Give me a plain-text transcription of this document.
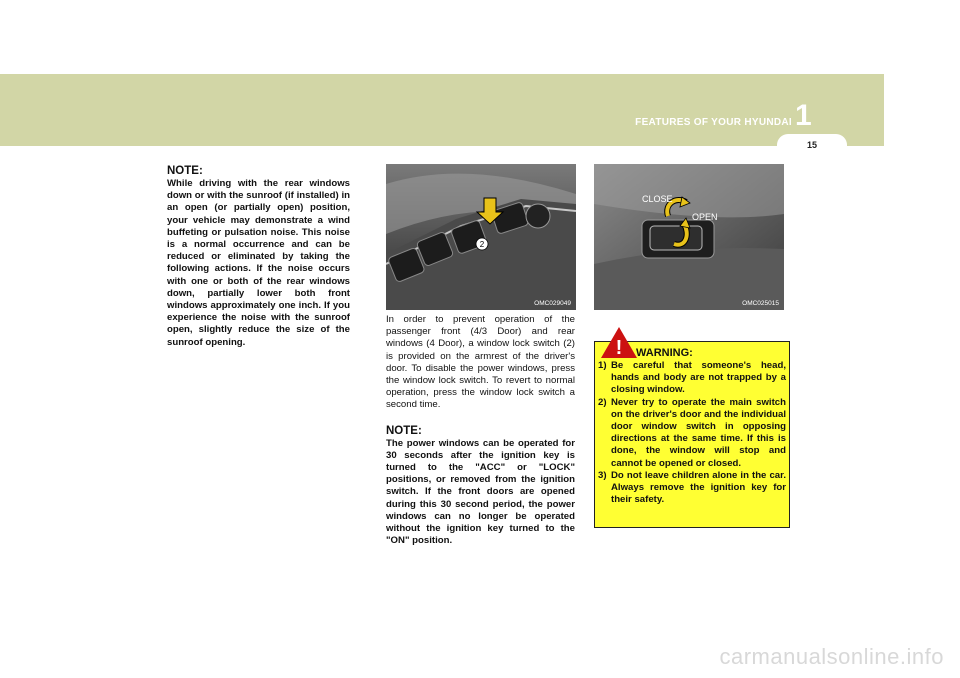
FEATURES OF YOUR HYUNDAI 1
15
NOTE:
While driving with the rear windows down or with the sunroof (if installed) in an open (or partially open) position, your vehicle may demonstrate a wind buffeting or pulsation noise. This noise is a normal occurrence and can be reduced or eliminated by taking the following actions. If the noise occurs with one or both of the rear windows down, partially lower both front windows approximately one inch. If you experience the noise with the sunroof open, slightly reduce the size of the sunroof opening.
2
OMC029049
CLOSE
OPEN
OMC025015
In order to prevent operation of the passenger front (4/3 Door) and rear windows (4 Door), a window lock switch (2) is provided on the armrest of the driver's door. To disable the power windows, press the window lock switch. To revert to normal operation, press the window lock switch a second time.
NOTE:
The power windows can be operated for 30 seconds after the ignition key is turned to the "ACC" or "LOCK" positions, or removed from the ignition switch. If the front doors are opened during this 30 second period, the power windows can no longer be operated without the ignition key turned to the "ON" position.
! WARNING:
1) Be careful that someone's head, hands and body are not trapped by a closing window.
2) Never try to operate the main switch on the driver's door and the individual door window switch in opposing directions at the same time. If this is done, the window will stop and cannot be opened or closed.
3) Do not leave children alone in the car. Always remove the ignition key for their safety.
carmanualsonline.info
